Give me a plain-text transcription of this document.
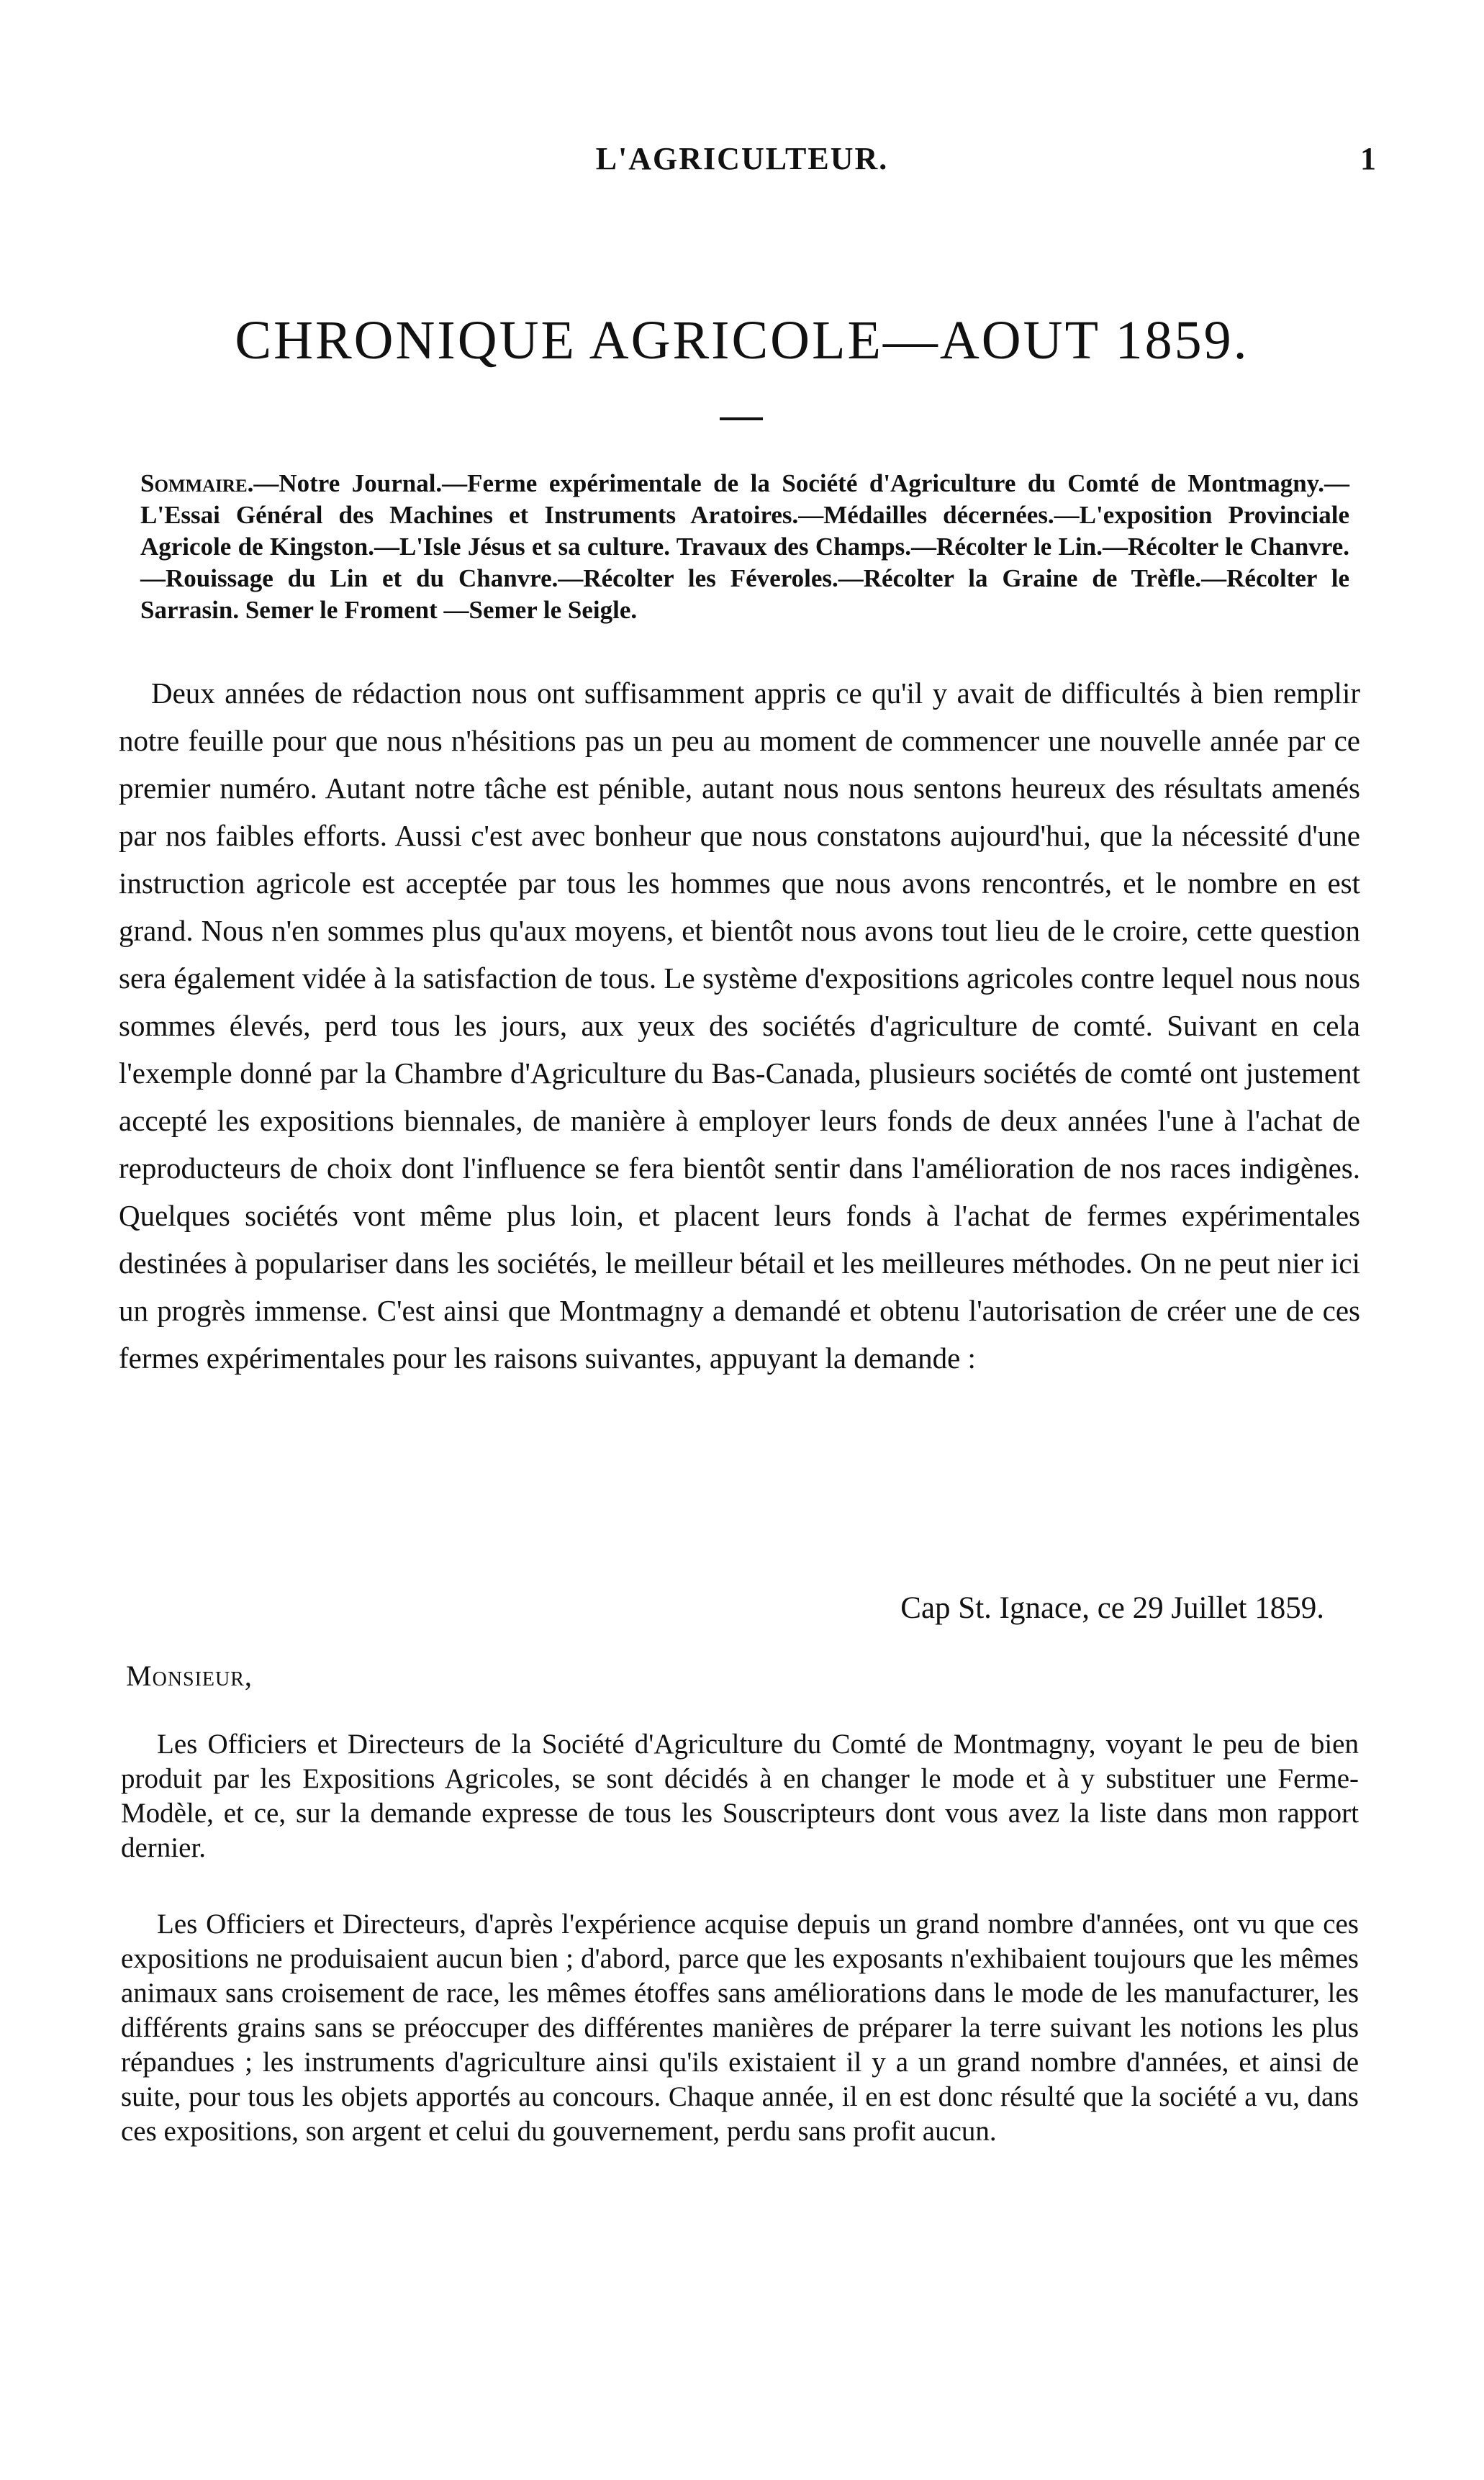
L'AGRICULTEUR.	1
CHRONIQUE AGRICOLE—AOUT 1859.
Sommaire.—Notre Journal.—Ferme expérimentale de la Société d'Agriculture du Comté de Montmagny.—L'Essai Général des Machines et Instruments Aratoires.—Médailles décernées.—L'exposition Provinciale Agricole de Kingston.—L'Isle Jésus et sa culture. Travaux des Champs.—Récolter le Lin.—Récolter le Chanvre.—Rouissage du Lin et du Chanvre.—Récolter les Féveroles.—Récolter la Graine de Trèfle.—Récolter le Sarrasin. Semer le Froment —Semer le Seigle.

Deux années de rédaction nous ont suffisamment appris ce qu'il y avait de difficultés à bien remplir notre feuille pour que nous n'hésitions pas un peu au moment de commencer une nouvelle année par ce premier numéro. Autant notre tâche est pénible, autant nous nous sentons heureux des résultats amenés par nos faibles efforts. Aussi c'est avec bonheur que nous constatons aujourd'hui, que la nécessité d'une instruction agricole est acceptée par tous les hommes que nous avons rencontrés, et le nombre en est grand. Nous n'en sommes plus qu'aux moyens, et bientôt nous avons tout lieu de le croire, cette question sera également vidée à la satisfaction de tous. Le système d'expositions agricoles contre lequel nous nous sommes élevés, perd tous les jours, aux yeux des sociétés d'agriculture de comté. Suivant en cela l'exemple donné par la Chambre d'Agriculture du Bas-Canada, plusieurs sociétés de comté ont justement accepté les expositions biennales, de manière à employer leurs fonds de deux années l'une à l'achat de reproducteurs de choix dont l'influence se fera bientôt sentir dans l'amélioration de nos races indigènes. Quelques sociétés vont même plus loin, et placent leurs fonds à l'achat de fermes expérimentales destinées à populariser dans les sociétés, le meilleur bétail et les meilleures méthodes. On ne peut nier ici un progrès immense. C'est ainsi que Montmagny a demandé et obtenu l'autorisation de créer une de ces fermes expérimentales pour les raisons suivantes, appuyant la demande :

Cap St. Ignace, ce 29 Juillet 1859.
Monsieur,

Les Officiers et Directeurs de la Société d'Agriculture du Comté de Montmagny, voyant le peu de bien produit par les Expositions Agricoles, se sont décidés à en changer le mode et à y substituer une Ferme-Modèle, et ce, sur la demande expresse de tous les Souscripteurs dont vous avez la liste dans mon rapport dernier.

Les Officiers et Directeurs, d'après l'expérience acquise depuis un grand nombre d'années, ont vu que ces expositions ne produisaient aucun bien ; d'abord, parce que les exposants n'exhibaient toujours que les mêmes animaux sans croisement de race, les mêmes étoffes sans améliorations dans le mode de les manufacturer, les différents grains sans se préoccuper des différentes manières de préparer la terre suivant les notions les plus répandues ; les instruments d'agriculture ainsi qu'ils existaient il y a un grand nombre d'années, et ainsi de suite, pour tous les objets apportés au concours. Chaque année, il en est donc résulté que la société a vu, dans ces expositions, son argent et celui du gouvernement, perdu sans profit aucun.
